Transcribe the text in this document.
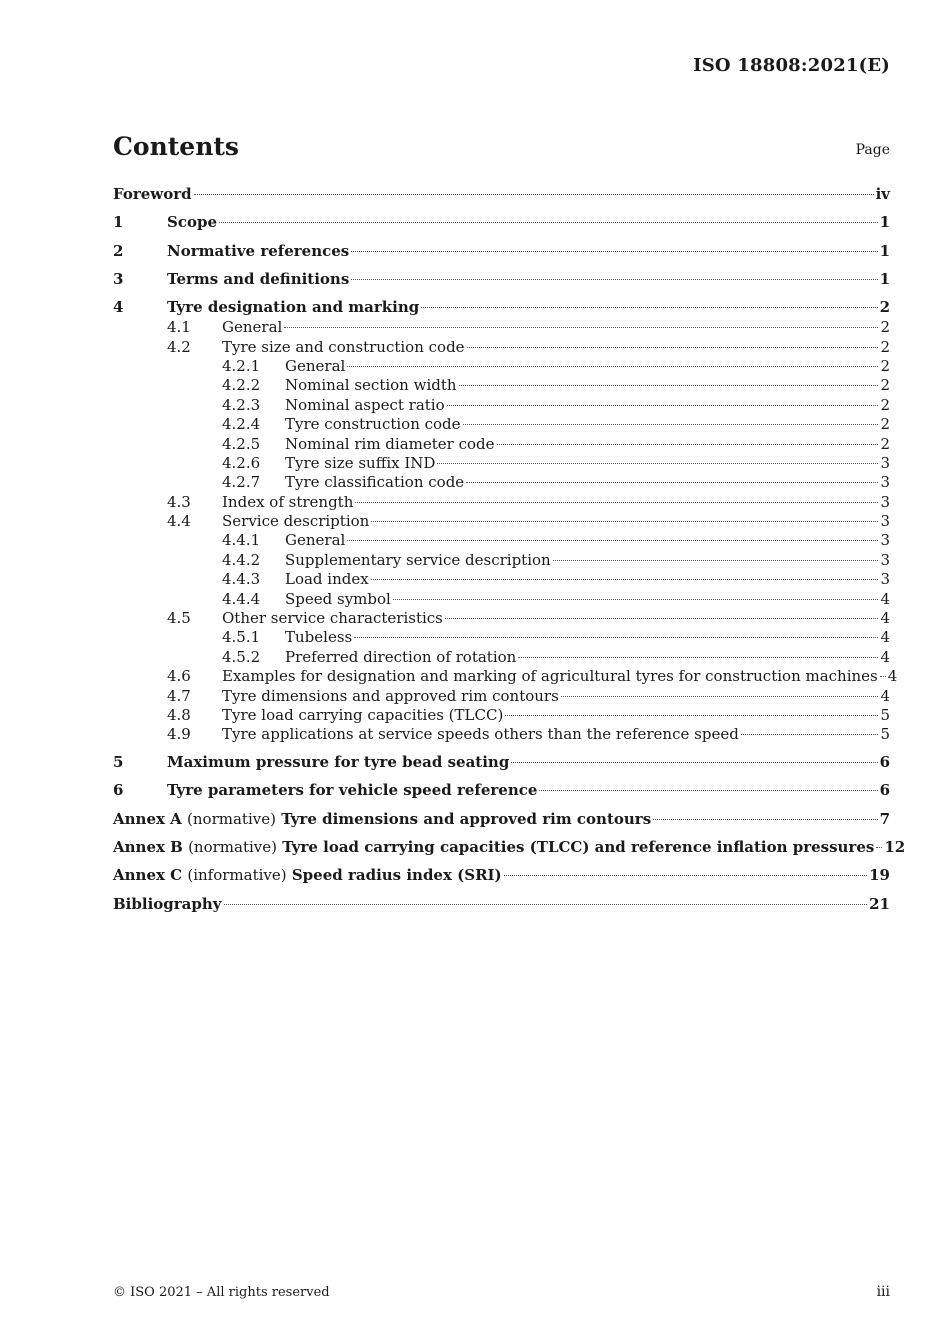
ISO 18808:2021(E)
Contents	Page
Foreword	iv
1	Scope	1
2	Normative references	1
3	Terms and definitions	1
4	Tyre designation and marking	2
4.1	General	2
4.2	Tyre size and construction code	2
4.2.1	General	2
4.2.2	Nominal section width	2
4.2.3	Nominal aspect ratio	2
4.2.4	Tyre construction code	2
4.2.5	Nominal rim diameter code	2
4.2.6	Tyre size suffix IND	3
4.2.7	Tyre classification code	3
4.3	Index of strength	3
4.4	Service description	3
4.4.1	General	3
4.4.2	Supplementary service description	3
4.4.3	Load index	3
4.4.4	Speed symbol	4
4.5	Other service characteristics	4
4.5.1	Tubeless	4
4.5.2	Preferred direction of rotation	4
4.6	Examples for designation and marking of agricultural tyres for construction machines 4
4.7	Tyre dimensions and approved rim contours	4
4.8	Tyre load carrying capacities (TLCC)	5
4.9	Tyre applications at service speeds others than the reference speed	5
5	Maximum pressure for tyre bead seating	6
6	Tyre parameters for vehicle speed reference	6
Annex A (normative) Tyre dimensions and approved rim contours	7
Annex B (normative) Tyre load carrying capacities (TLCC) and reference inflation pressures 12
Annex C (informative) Speed radius index (SRI)	19
Bibliography	21
© ISO 2021 – All rights reserved	iii
